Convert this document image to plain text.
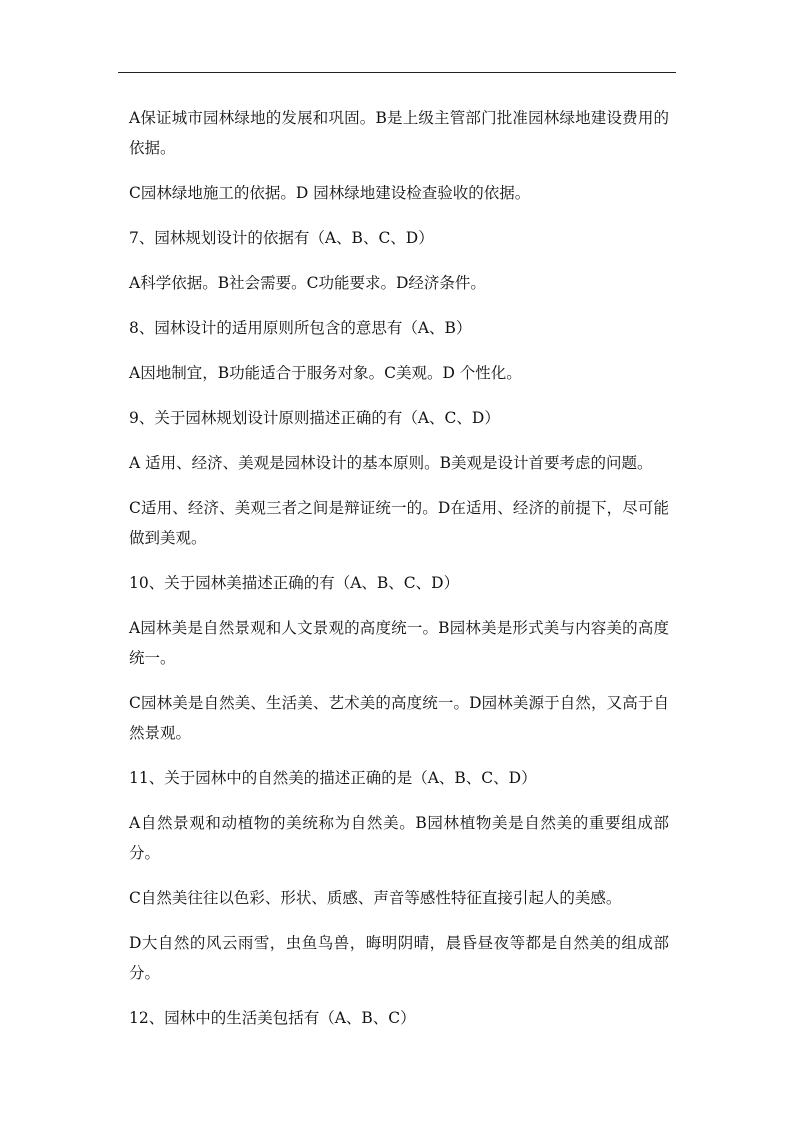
A保证城市园林绿地的发展和巩固。B是上级主管部门批准园林绿地建设费用的依据。

C园林绿地施工的依据。D 园林绿地建设检查验收的依据。

7、园林规划设计的依据有（A、B、C、D）

A科学依据。B社会需要。C功能要求。D经济条件。

8、园林设计的适用原则所包含的意思有（A、B）

A因地制宜，B功能适合于服务对象。C美观。D 个性化。

9、关于园林规划设计原则描述正确的有（A、C、D）

A 适用、经济、美观是园林设计的基本原则。B美观是设计首要考虑的问题。

C适用、经济、美观三者之间是辩证统一的。D在适用、经济的前提下，尽可能做到美观。

10、关于园林美描述正确的有（A、B、C、D）

A园林美是自然景观和人文景观的高度统一。B园林美是形式美与内容美的高度统一。

C园林美是自然美、生活美、艺术美的高度统一。D园林美源于自然，又高于自然景观。

11、关于园林中的自然美的描述正确的是（A、B、C、D）

A自然景观和动植物的美统称为自然美。B园林植物美是自然美的重要组成部分。

C自然美往往以色彩、形状、质感、声音等感性特征直接引起人的美感。

D大自然的风云雨雪，虫鱼鸟兽，晦明阴晴，晨昏昼夜等都是自然美的组成部分。

12、园林中的生活美包括有（A、B、C）
